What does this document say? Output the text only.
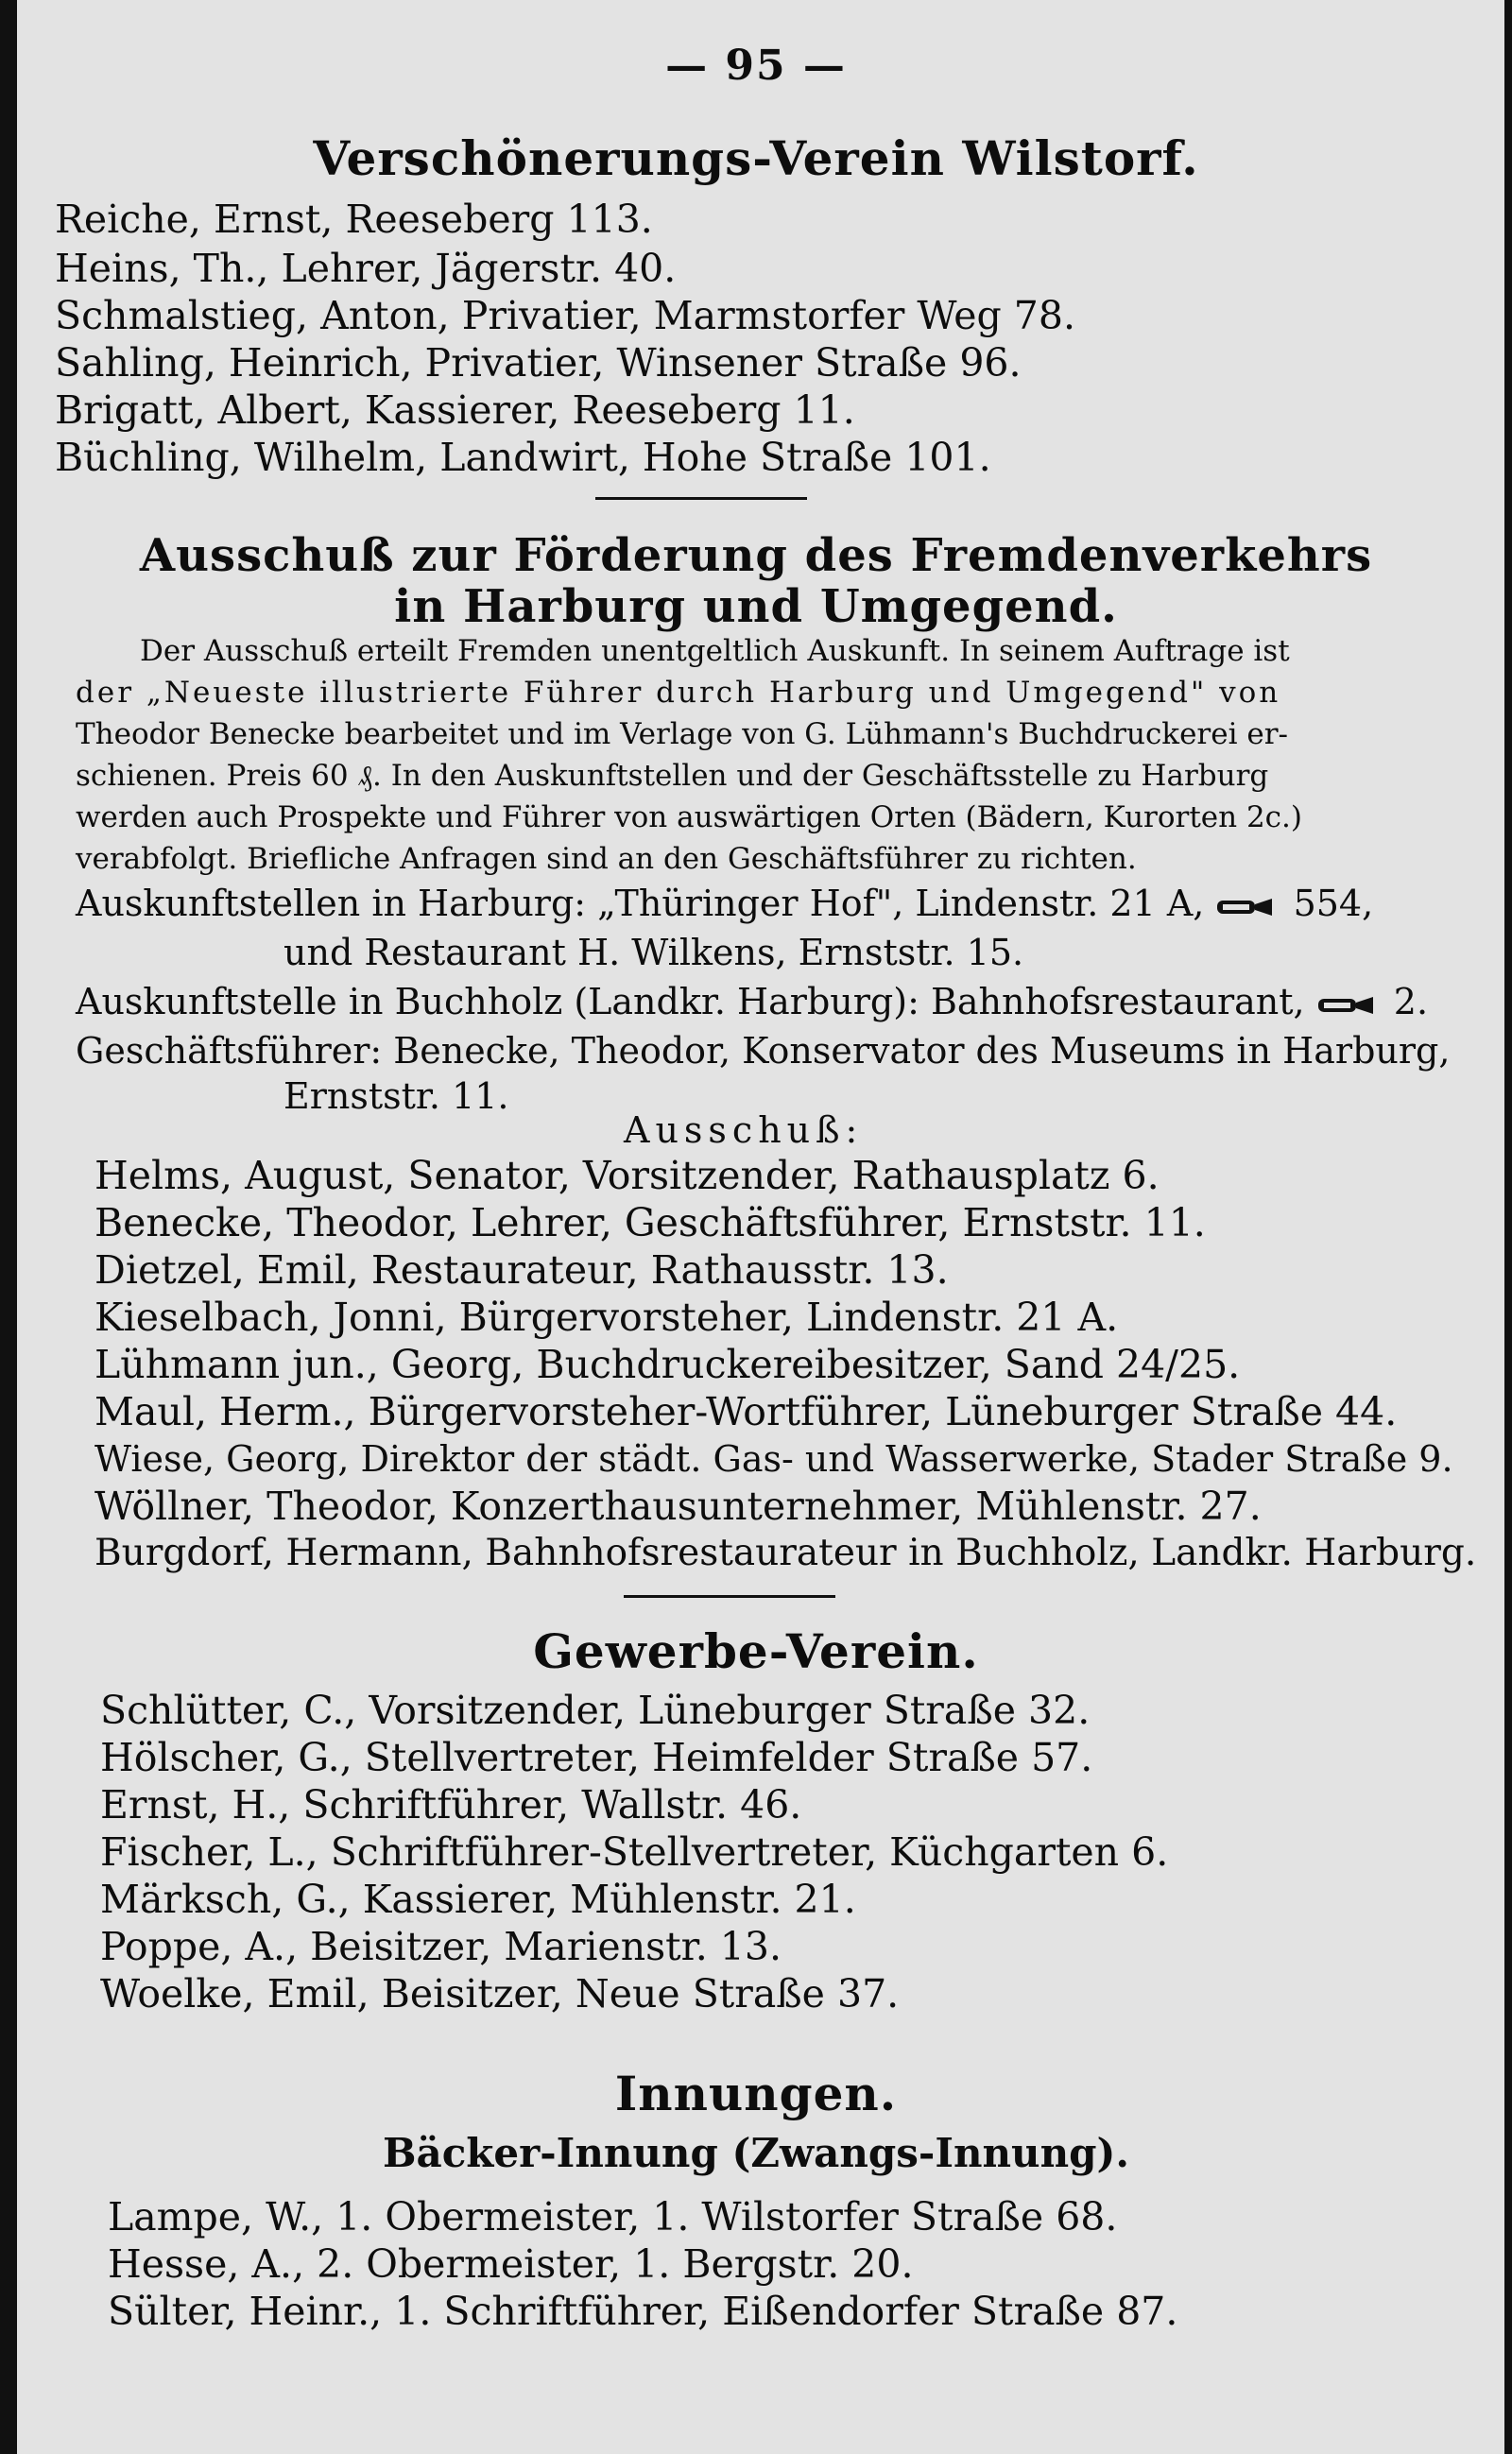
— 95 —
Verschönerungs-Verein Wilstorf.
Reiche, Ernst, Reeseberg 113.
Heins, Th., Lehrer, Jägerstr. 40.
Schmalstieg, Anton, Privatier, Marmstorfer Weg 78.
Sahling, Heinrich, Privatier, Winsener Straße 96.
Brigatt, Albert, Kassierer, Reeseberg 11.
Büchling, Wilhelm, Landwirt, Hohe Straße 101.
Ausschuß zur Förderung des Fremdenverkehrs
in Harburg und Umgegend.
Der Ausschuß erteilt Fremden unentgeltlich Auskunft. In seinem Auftrage ist
der „Neueste illustrierte Führer durch Harburg und Umgegend" von
Theodor Benecke bearbeitet und im Verlage von G. Lühmann's Buchdruckerei er-
schienen. Preis 60 ₰. In den Auskunftstellen und der Geschäftsstelle zu Harburg
werden auch Prospekte und Führer von auswärtigen Orten (Bädern, Kurorten 2c.)
verabfolgt. Briefliche Anfragen sind an den Geschäftsführer zu richten.
Auskunftstellen in Harburg: „Thüringer Hof", Lindenstr. 21 A, 554,
und Restaurant H. Wilkens, Ernststr. 15.
Auskunftstelle in Buchholz (Landkr. Harburg): Bahnhofsrestaurant, 2.
Geschäftsführer: Benecke, Theodor, Konservator des Museums in Harburg,
Ernststr. 11.
Ausschuß:
Helms, August, Senator, Vorsitzender, Rathausplatz 6.
Benecke, Theodor, Lehrer, Geschäftsführer, Ernststr. 11.
Dietzel, Emil, Restaurateur, Rathausstr. 13.
Kieselbach, Jonni, Bürgervorsteher, Lindenstr. 21 A.
Lühmann jun., Georg, Buchdruckereibesitzer, Sand 24/25.
Maul, Herm., Bürgervorsteher-Wortführer, Lüneburger Straße 44.
Wiese, Georg, Direktor der städt. Gas- und Wasserwerke, Stader Straße 9.
Wöllner, Theodor, Konzerthausunternehmer, Mühlenstr. 27.
Burgdorf, Hermann, Bahnhofsrestaurateur in Buchholz, Landkr. Harburg.
Gewerbe-Verein.
Schlütter, C., Vorsitzender, Lüneburger Straße 32.
Hölscher, G., Stellvertreter, Heimfelder Straße 57.
Ernst, H., Schriftführer, Wallstr. 46.
Fischer, L., Schriftführer-Stellvertreter, Küchgarten 6.
Märksch, G., Kassierer, Mühlenstr. 21.
Poppe, A., Beisitzer, Marienstr. 13.
Woelke, Emil, Beisitzer, Neue Straße 37.
Innungen.
Bäcker-Innung (Zwangs-Innung).
Lampe, W., 1. Obermeister, 1. Wilstorfer Straße 68.
Hesse, A., 2. Obermeister, 1. Bergstr. 20.
Sülter, Heinr., 1. Schriftführer, Eißendorfer Straße 87.
